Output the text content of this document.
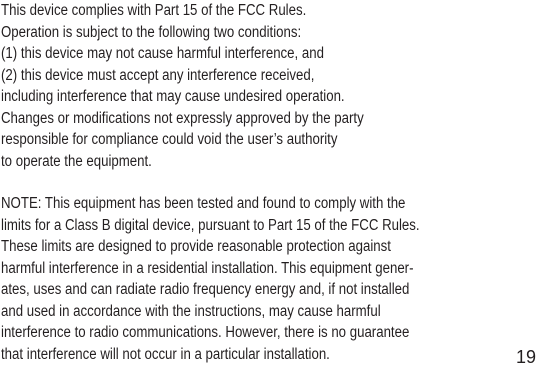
This device complies with Part 15 of the FCC Rules.
Operation is subject to the following two conditions:
(1) this device may not cause harmful interference, and
(2) this device must accept any interference received,
including interference that may cause undesired operation.
Changes or modifications not expressly approved by the party
responsible for compliance could void the user’s authority
to operate the equipment.
NOTE: This equipment has been tested and found to comply with the
limits for a Class B digital device, pursuant to Part 15 of the FCC Rules.
These limits are designed to provide reasonable protection against
harmful interference in a residential installation. This equipment gener-
ates, uses and can radiate radio frequency energy and, if not installed
and used in accordance with the instructions, may cause harmful
interference to radio communications. However, there is no guarantee
that interference will not occur in a particular installation.	19
